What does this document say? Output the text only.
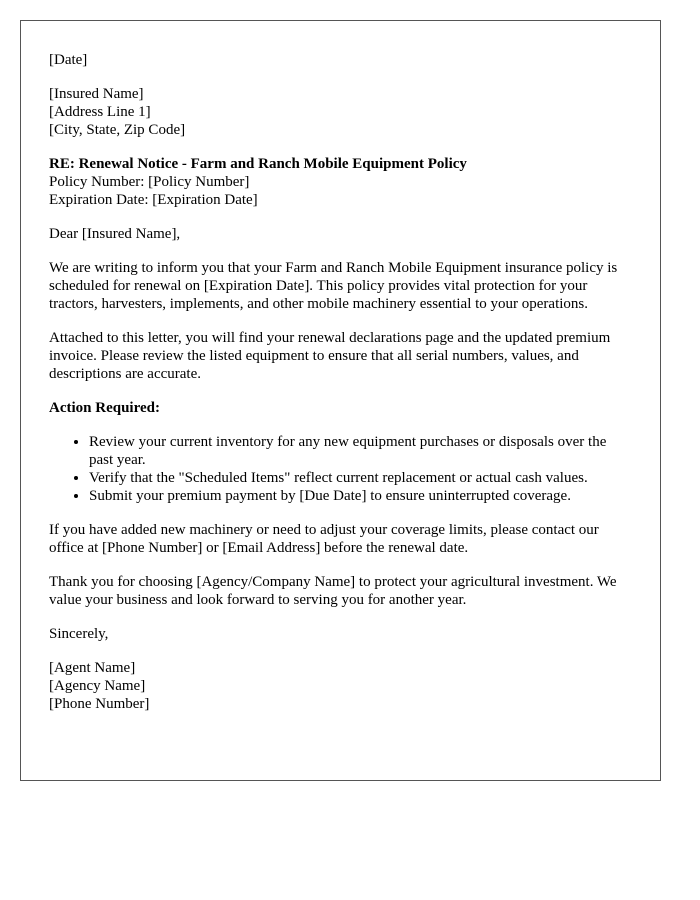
[Date]
[Insured Name]
[Address Line 1]
[City, State, Zip Code]
RE: Renewal Notice - Farm and Ranch Mobile Equipment Policy
Policy Number: [Policy Number]
Expiration Date: [Expiration Date]

Dear [Insured Name],

We are writing to inform you that your Farm and Ranch Mobile Equipment insurance policy is scheduled for renewal on [Expiration Date]. This policy provides vital protection for your tractors, harvesters, implements, and other mobile machinery essential to your operations.

Attached to this letter, you will find your renewal declarations page and the updated premium invoice. Please review the listed equipment to ensure that all serial numbers, values, and descriptions are accurate.

Action Required:

• Review your current inventory for any new equipment purchases or disposals over the past year.
• Verify that the "Scheduled Items" reflect current replacement or actual cash values.
• Submit your premium payment by [Due Date] to ensure uninterrupted coverage.

If you have added new machinery or need to adjust your coverage limits, please contact our office at [Phone Number] or [Email Address] before the renewal date.

Thank you for choosing [Agency/Company Name] to protect your agricultural investment. We value your business and look forward to serving you for another year.

Sincerely,

[Agent Name]
[Agency Name]
[Phone Number]
